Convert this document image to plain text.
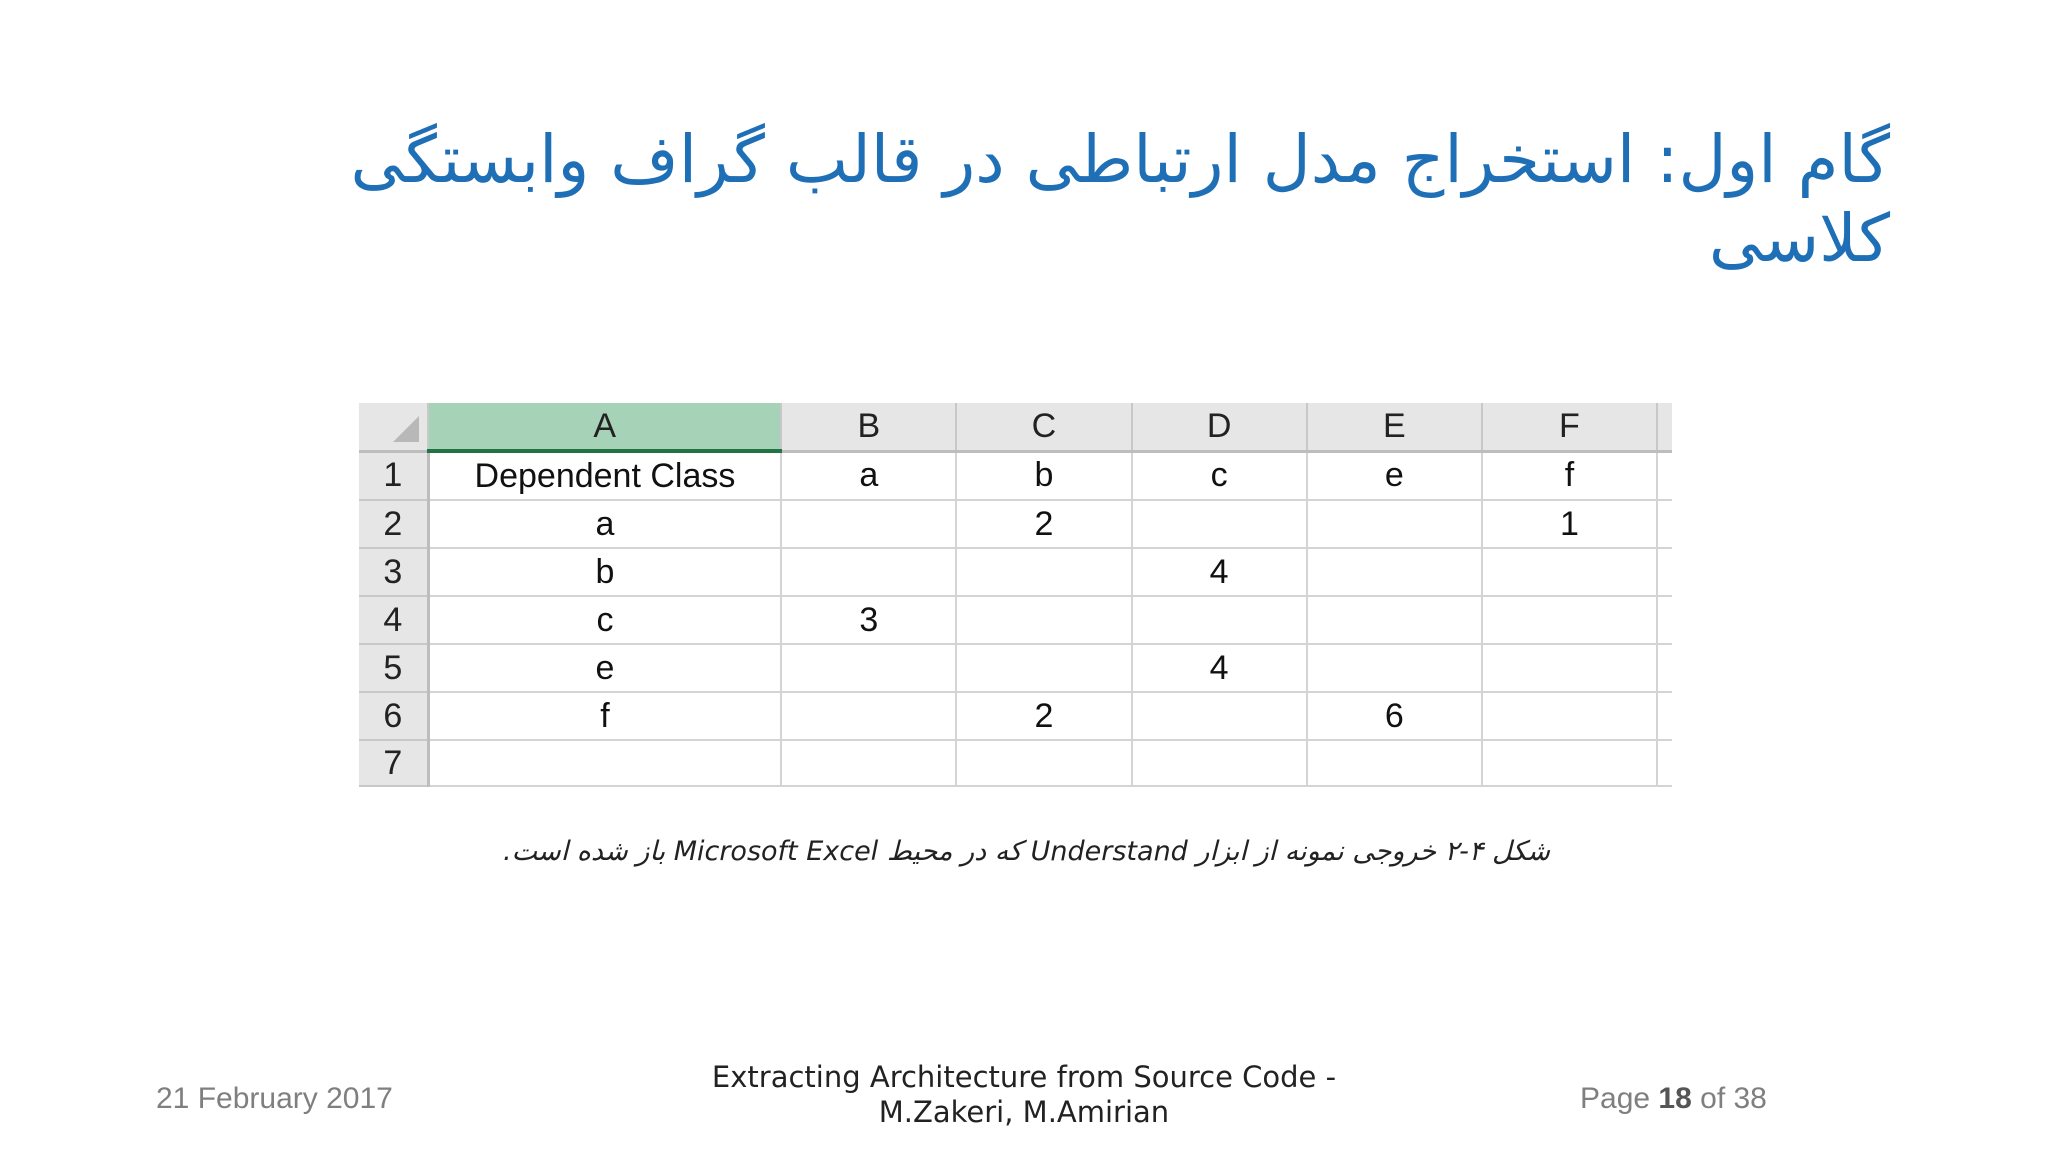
گام اول: استخراج مدل ارتباطی در قالب گراف وابستگی کلاسی
	A	B	C	D	E	F	
1	Dependent Class	a	b	c	e	f	
2	a		2			1	
3	b			4			
4	c	3					
5	e			4			
6	f		2		6		
7							
شکل ۴-۲ خروجی نمونه از ابزار Understand که در محیط Microsoft Excel باز شده است.
21 February 2017
Extracting Architecture from Source Code -
M.Zakeri, M.Amirian	Page 18 of 38
